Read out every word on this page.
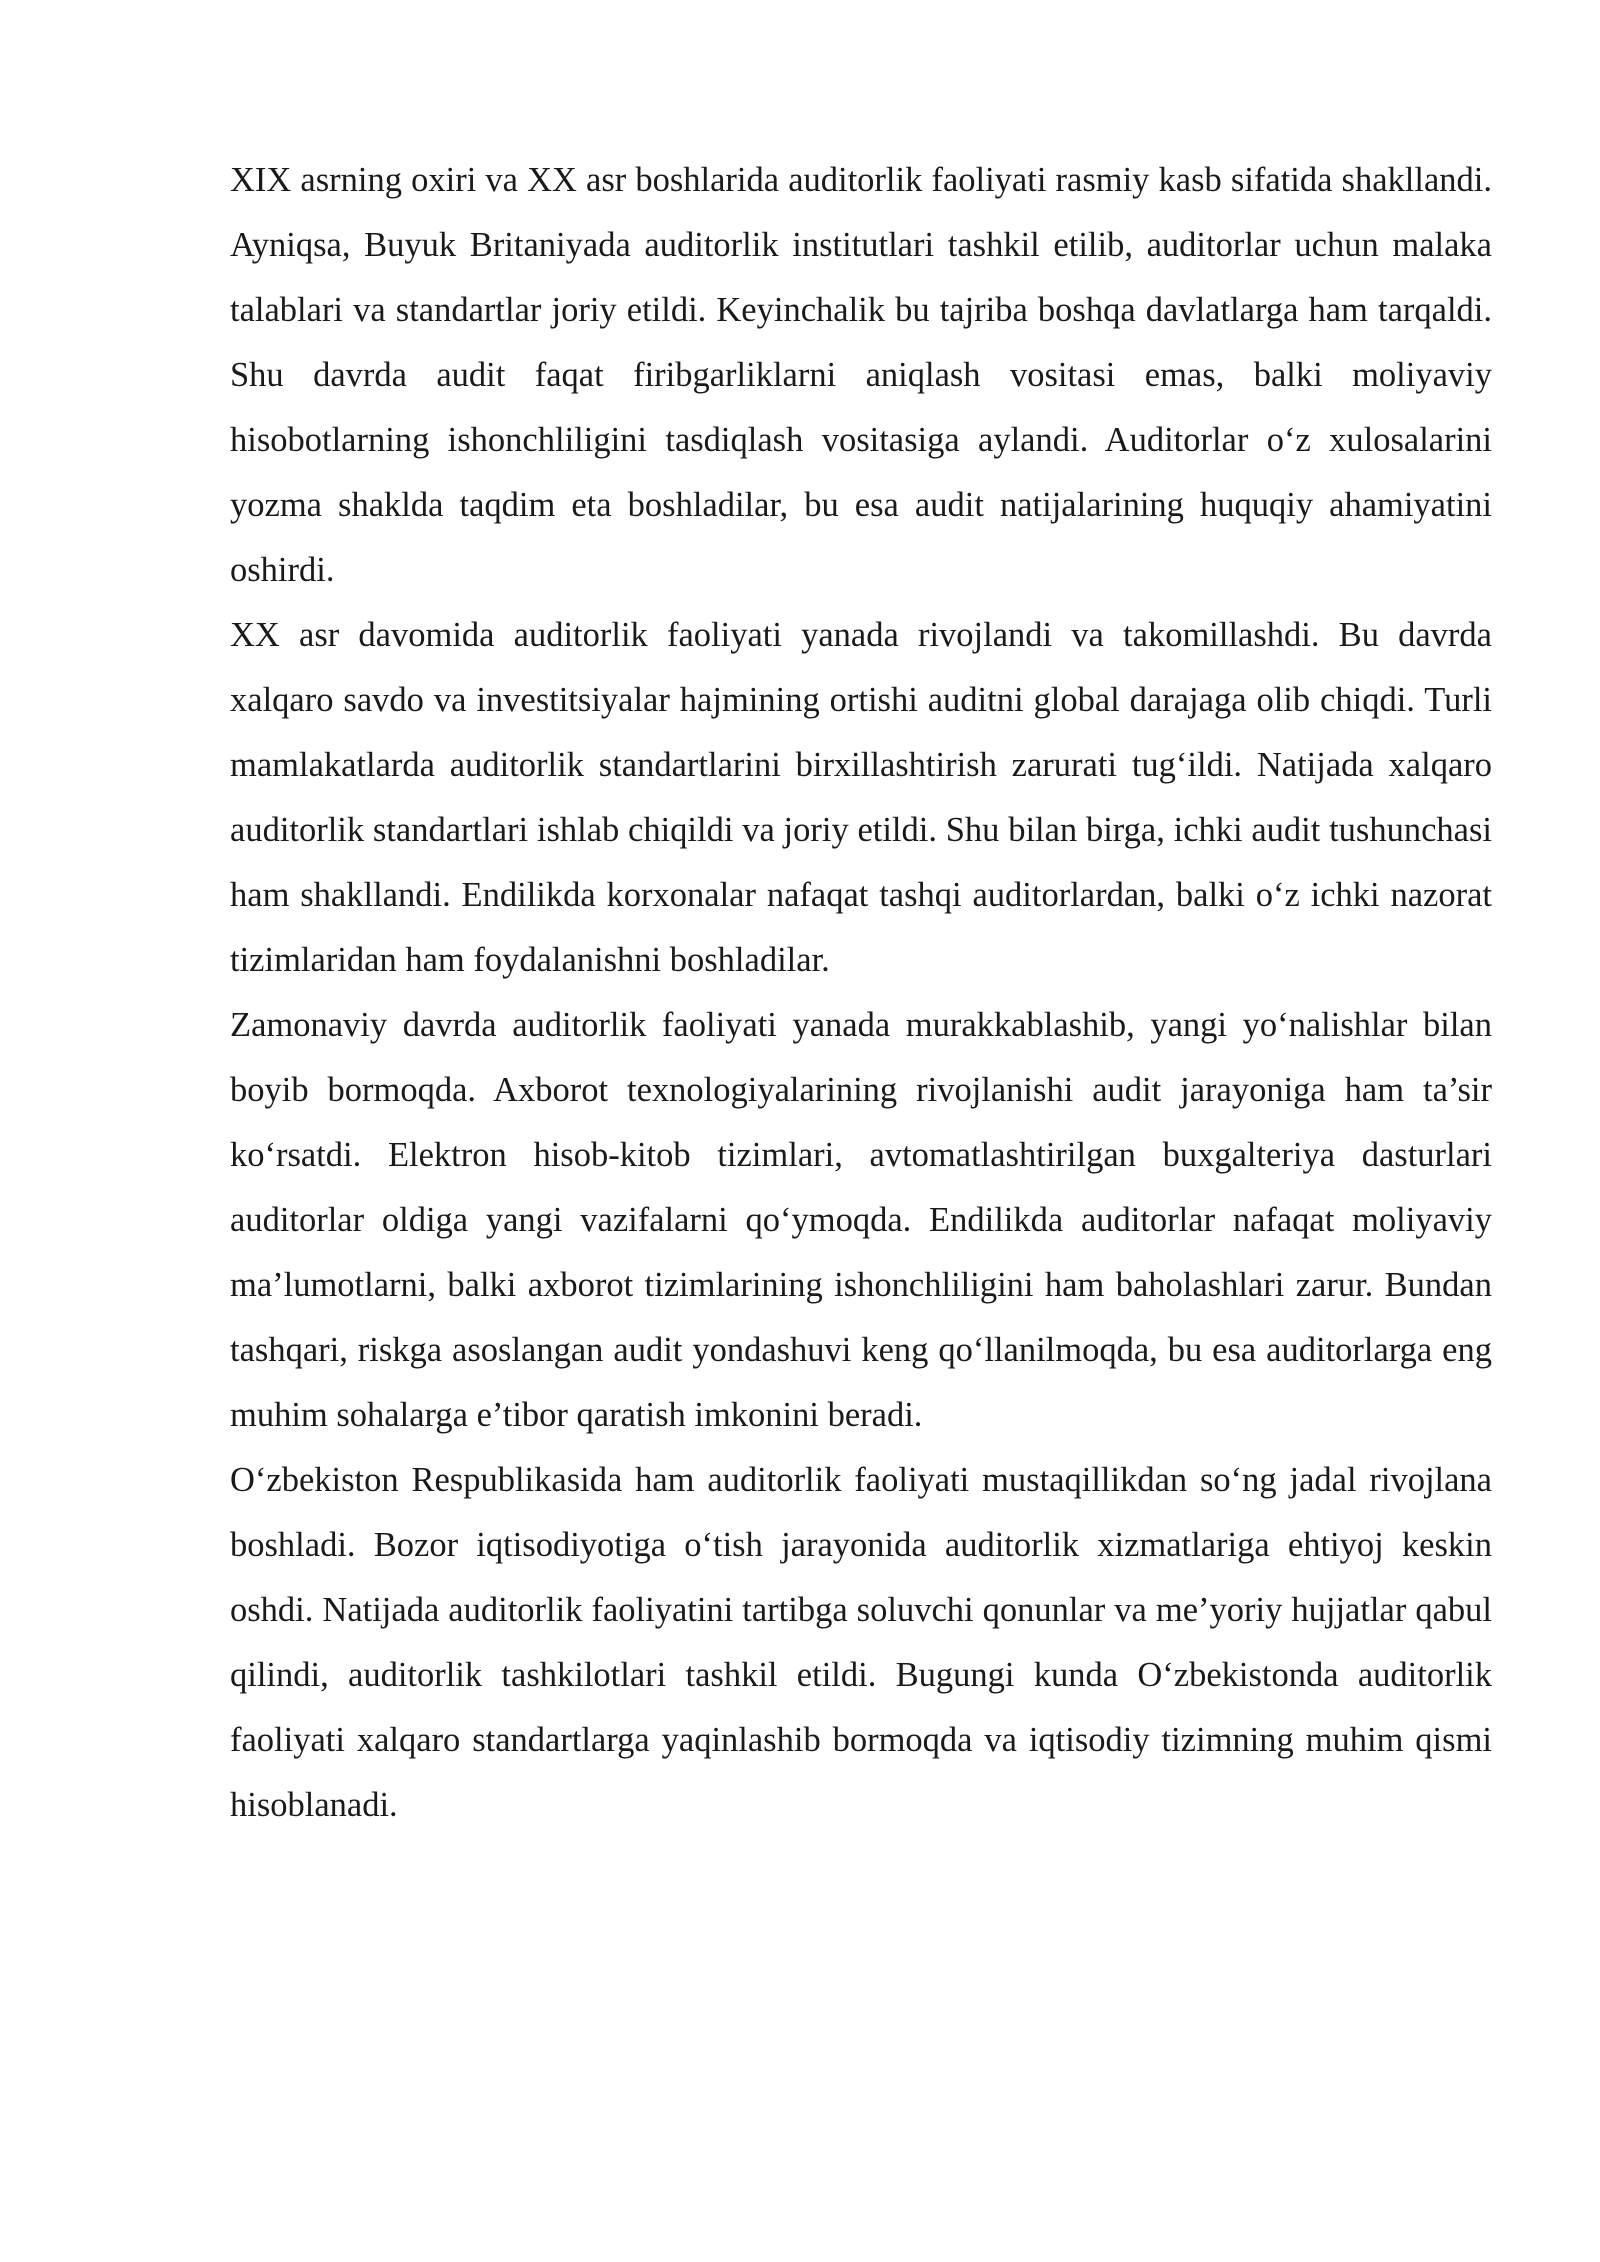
XIX asrning oxiri va XX asr boshlarida auditorlik faoliyati rasmiy kasb sifatida shakllandi. Ayniqsa, Buyuk Britaniyada auditorlik institutlari tashkil etilib, auditorlar uchun malaka talablari va standartlar joriy etildi. Keyinchalik bu tajriba boshqa davlatlarga ham tarqaldi. Shu davrda audit faqat firibgarliklarni aniqlash vositasi emas, balki moliyaviy hisobotlarning ishonchliligini tasdiqlash vositasiga aylandi. Auditorlar oʻz xulosalarini yozma shaklda taqdim eta boshladilar, bu esa audit natijalarining huquqiy ahamiyatini oshirdi.

XX asr davomida auditorlik faoliyati yanada rivojlandi va takomillashdi. Bu davrda xalqaro savdo va investitsiyalar hajmining ortishi auditni global darajaga olib chiqdi. Turli mamlakatlarda auditorlik standartlarini birxillashtirish zarurati tugʻildi. Natijada xalqaro auditorlik standartlari ishlab chiqildi va joriy etildi. Shu bilan birga, ichki audit tushunchasi ham shakllandi. Endilikda korxonalar nafaqat tashqi auditorlardan, balki oʻz ichki nazorat tizimlaridan ham foydalanishni boshladilar.

Zamonaviy davrda auditorlik faoliyati yanada murakkablashib, yangi yoʻnalishlar bilan boyib bormoqda. Axborot texnologiyalarining rivojlanishi audit jarayoniga ham ta’sir koʻrsatdi. Elektron hisob-kitob tizimlari, avtomatlashtirilgan buxgalteriya dasturlari auditorlar oldiga yangi vazifalarni qoʻymoqda. Endilikda auditorlar nafaqat moliyaviy ma’lumotlarni, balki axborot tizimlarining ishonchliligini ham baholashlari zarur. Bundan tashqari, riskga asoslangan audit yondashuvi keng qoʻllanilmoqda, bu esa auditorlarga eng muhim sohalarga e’tibor qaratish imkonini beradi.

Oʻzbekiston Respublikasida ham auditorlik faoliyati mustaqillikdan soʻng jadal rivojlana boshladi. Bozor iqtisodiyotiga oʻtish jarayonida auditorlik xizmatlariga ehtiyoj keskin oshdi. Natijada auditorlik faoliyatini tartibga soluvchi qonunlar va me’yoriy hujjatlar qabul qilindi, auditorlik tashkilotlari tashkil etildi. Bugungi kunda Oʻzbekistonda auditorlik faoliyati xalqaro standartlarga yaqinlashib bormoqda va iqtisodiy tizimning muhim qismi hisoblanadi.
